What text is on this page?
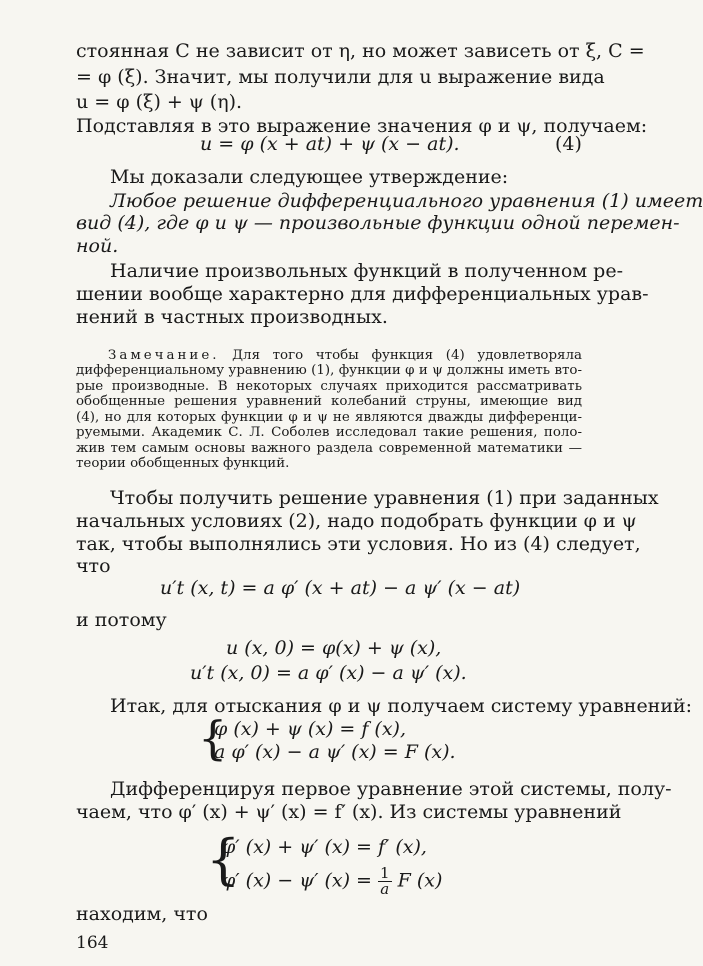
стоянная C не зависит от η, но может зависеть от ξ, C =
= φ (ξ). Значит, мы получили для u выражение вида
u = φ (ξ) + ψ (η).
Подставляя в это выражение значения φ и ψ, получаем:
u = φ (x + at) + ψ (x − at).	(4)
Мы доказали следующее утверждение:
Любое решение дифференциального уравнения (1) имеет
вид (4), где φ и ψ — произвольные функции одной перемен-
ной.
Наличие произвольных функций в полученном ре-
шении вообще характерно для дифференциальных урав-
нений в частных производных.
Замечание. Для того чтобы функция (4) удовлетворяла
дифференциальному уравнению (1), функции φ и ψ должны иметь вто-
рые производные. В некоторых случаях приходится рассматривать
обобщенные решения уравнений колебаний струны, имеющие вид
(4), но для которых функции φ и ψ не являются дважды дифференци-
руемыми. Академик С. Л. Соболев исследовал такие решения, поло-
жив тем самым основы важного раздела современной математики —
теории обобщенных функций.
Чтобы получить решение уравнения (1) при заданных
начальных условиях (2), надо подобрать функции φ и ψ
так, чтобы выполнялись эти условия. Но из (4) следует,
что
u′t (x, t) = a φ′ (x + at) − a ψ′ (x − at)
и потому
u (x, 0) = φ(x) + ψ (x),
u′t (x, 0) = a φ′ (x) − a ψ′ (x).
Итак, для отыскания φ и ψ получаем систему уравнений:
{
φ (x) + ψ (x) = f (x),
a φ′ (x) − a ψ′ (x) = F (x).
Дифференцируя первое уравнение этой системы, полу-
чаем, что φ′ (x) + ψ′ (x) = f′ (x). Из системы уравнений
{
φ′ (x) + ψ′ (x) = f′ (x),
φ′ (x) − ψ′ $(x) = \frac{1}{a}$ F (x)
находим, что
164
